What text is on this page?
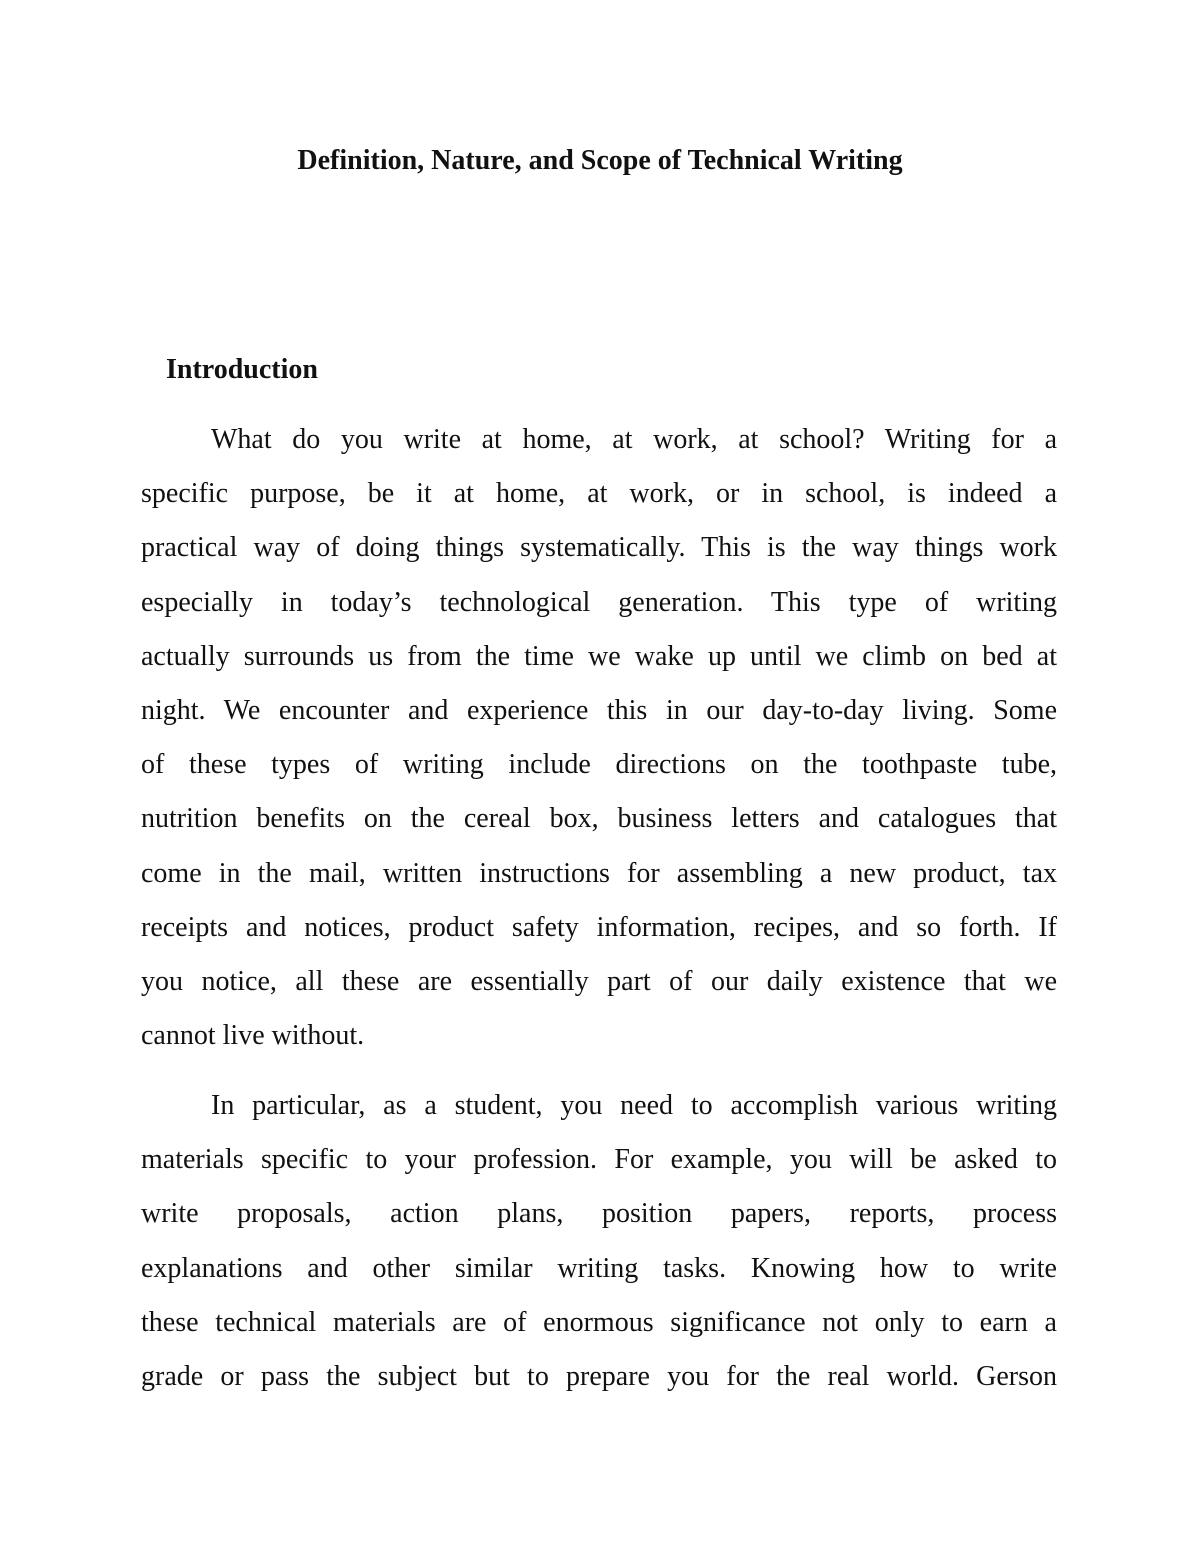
Definition, Nature, and Scope of Technical Writing
Introduction
What do you write at home, at work, at school? Writing for a
specific purpose, be it at home, at work, or in school, is indeed a
practical way of doing things systematically. This is the way things work
especially in today’s technological generation. This type of writing
actually surrounds us from the time we wake up until we climb on bed at
night. We encounter and experience this in our day-to-day living. Some
of these types of writing include directions on the toothpaste tube,
nutrition benefits on the cereal box, business letters and catalogues that
come in the mail, written instructions for assembling a new product, tax
receipts and notices, product safety information, recipes, and so forth. If
you notice, all these are essentially part of our daily existence that we
cannot live without.
In particular, as a student, you need to accomplish various writing
materials specific to your profession. For example, you will be asked to
write proposals, action plans, position papers, reports, process
explanations and other similar writing tasks. Knowing how to write
these technical materials are of enormous significance not only to earn a
grade or pass the subject but to prepare you for the real world. Gerson
